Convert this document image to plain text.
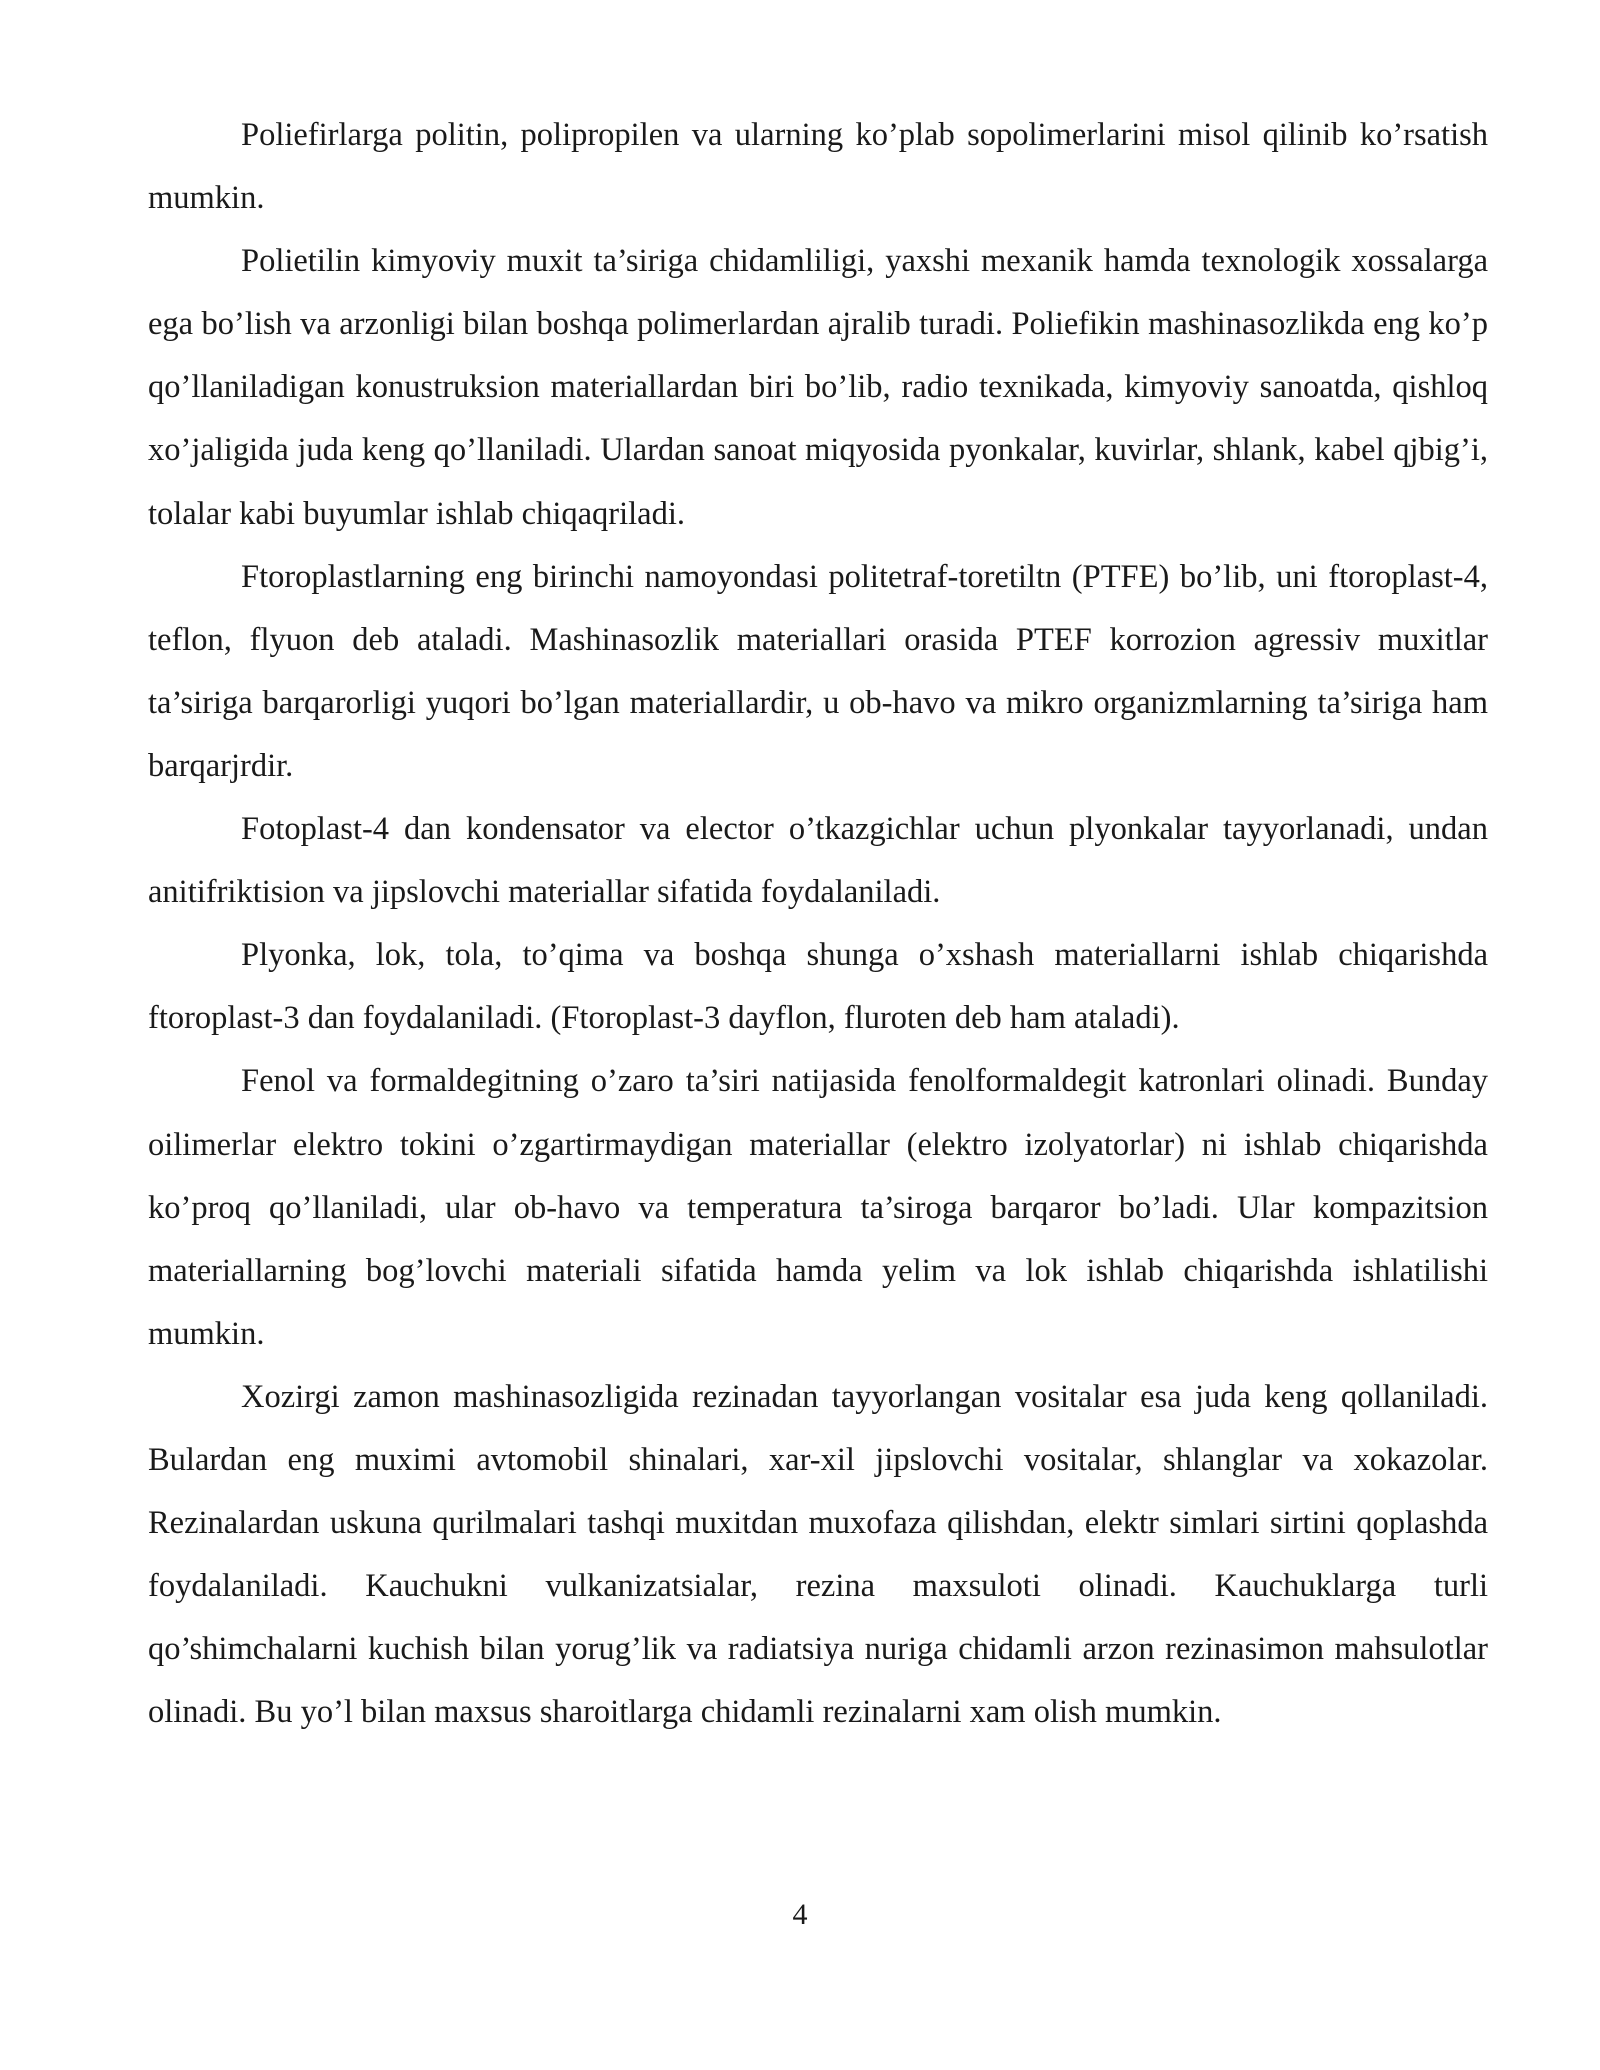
Poliefirlarga politin, polipropilen va ularning ko’plab sopolimerlarini misol qilinib ko’rsatish mumkin.

Polietilin kimyoviy muxit ta’siriga chidamliligi, yaxshi mexanik hamda texnologik xossalarga ega bo’lish va arzonligi bilan boshqa polimerlardan ajralib turadi. Poliefikin mashinasozlikda eng ko’p qo’llaniladigan konustruksion materiallardan biri bo’lib, radio texnikada, kimyoviy sanoatda, qishloq xo’jaligida juda keng qo’llaniladi. Ulardan sanoat miqyosida pyonkalar, kuvirlar, shlank, kabel qjbig’i, tolalar kabi buyumlar ishlab chiqaqriladi.

Ftoroplastlarning eng birinchi namoyondasi politetraf-toretiltn (PTFE) bo’lib, uni ftoroplast-4, teflon, flyuon deb ataladi. Mashinasozlik materiallari orasida PTEF korrozion agressiv muxitlar ta’siriga barqarorligi yuqori bo’lgan materiallardir, u ob-havo va mikro organizmlarning ta’siriga ham barqarjrdir.

Fotoplast-4 dan kondensator va elector o’tkazgichlar uchun plyonkalar tayyorlanadi, undan anitifriktision va jipslovchi materiallar sifatida foydalaniladi.

Plyonka, lok, tola, to’qima va boshqa shunga o’xshash materiallarni ishlab chiqarishda ftoroplast-3 dan foydalaniladi. (Ftoroplast-3 dayflon, fluroten deb ham ataladi).

Fenol va formaldegitning o’zaro ta’siri natijasida fenolformaldegit katronlari olinadi. Bunday oilimerlar elektro tokini o’zgartirmaydigan materiallar (elektro izolyatorlar) ni ishlab chiqarishda ko’proq qo’llaniladi, ular ob-havo va temperatura ta’siroga barqaror bo’ladi. Ular kompazitsion materiallarning bog’lovchi materiali sifatida hamda yelim va lok ishlab chiqarishda ishlatilishi mumkin.

Xozirgi zamon mashinasozligida rezinadan tayyorlangan vositalar esa juda keng qollaniladi. Bulardan eng muximi avtomobil shinalari, xar-xil jipslovchi vositalar, shlanglar va xokazolar. Rezinalardan uskuna qurilmalari tashqi muxitdan muxofaza qilishdan, elektr simlari sirtini qoplashda foydalaniladi. Kauchukni vulkanizatsialar, rezina maxsuloti olinadi. Kauchuklarga turli qo’shimchalarni kuchish bilan yorug’lik va radiatsiya nuriga chidamli arzon rezinasimon mahsulotlar olinadi. Bu yo’l bilan maxsus sharoitlarga chidamli rezinalarni xam olish mumkin.

4
